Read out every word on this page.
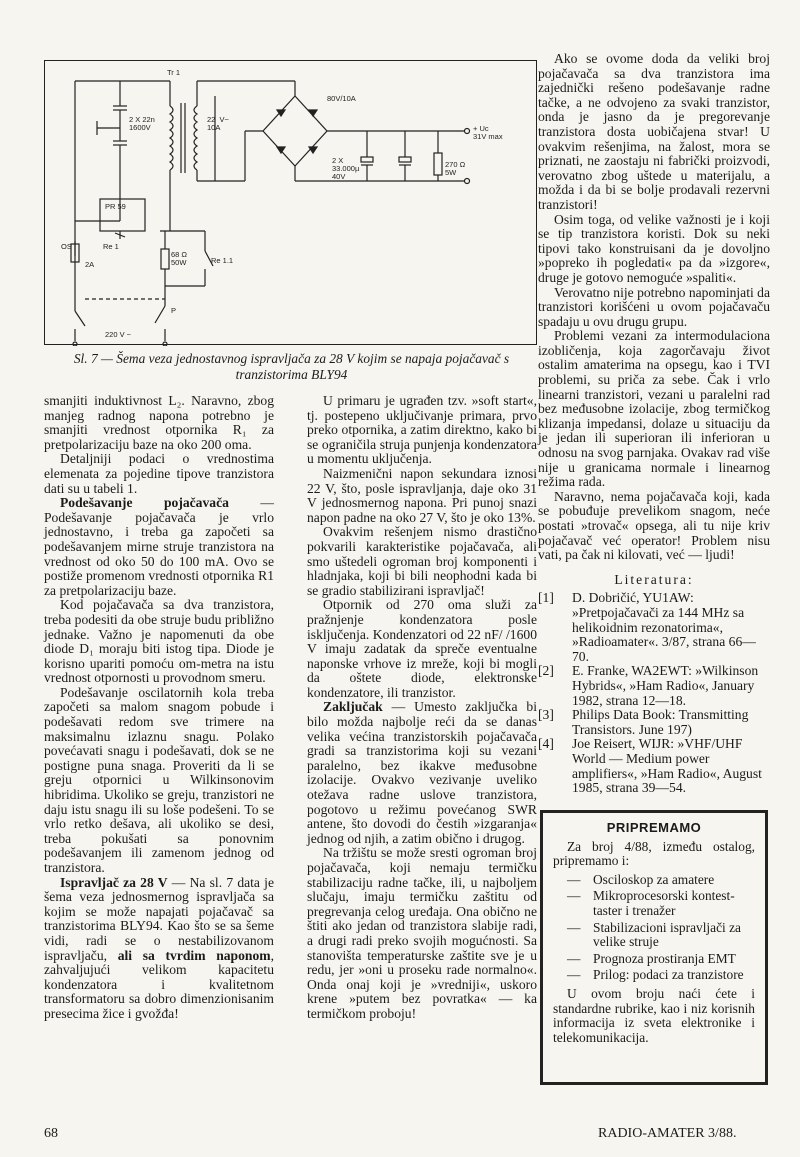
Tr 1
2 X 22n
1600V
22  V~
10A
80V/10A
+ Uc
31V max
2 X
33.000µ
40V
270 Ω
5W
PR 59
Re 1
68 Ω
50W	Re 1.1
OS
2A
P
220 V ~
Sl. 7 — Šema veza jednostavnog ispravljača za 28 V kojim se napaja pojačavač s tranzistorima BLY94

smanjiti induktivnost L₂. Naravno, zbog manjeg radnog napona potrebno je smanjiti vrednost otpornika R₁ za pretpolarizaciju baze na oko 200 oma.

Detaljniji podaci o vrednostima elemenata za pojedine tipove tranzistora dati su u tabeli 1.

Podešavanje pojačavača — Podešavanje pojačavača je vrlo jednostavno, i treba ga započeti sa podešavanjem mirne struje tranzistora na vrednost od oko 50 do 100 mA. Ovo se postiže promenom vrednosti otpornika R1 za pretpolarizaciju baze.

Kod pojačavača sa dva tranzistora, treba podesiti da obe struje budu približno jednake. Važno je napomenuti da obe diode D₁ moraju biti istog tipa. Diode je korisno upariti pomoću om-metra na istu vrednost otpornosti u provodnom smeru.

Podešavanje oscilatornih kola treba započeti sa malom snagom pobude i podešavati redom sve trimere na maksimalnu izlaznu snagu. Polako povećavati snagu i podešavati, dok se ne postigne puna snaga. Proveriti da li se greju otpornici u Wilkinsonovim hibridima. Ukoliko se greju, tranzistori ne daju istu snagu ili su loše podešeni. To se vrlo retko dešava, ali ukoliko se desi, treba pokušati sa ponovnim podešavanjem ili zamenom jednog od tranzistora.

Ispravljač za 28 V — Na sl. 7 data je šema veza jednosmernog ispravljača sa kojim se može napajati pojačavač sa tranzistorima BLY94. Kao što se sa šeme vidi, radi se o nestabilizovanom ispravljaču, ali sa tvrdim naponom, zahvaljujući velikom kapacitetu kondenzatora i kvalitetnom transformatoru sa dobro dimenzionisanim presecima žice i gvožđa!

U primaru je ugrađen tzv. »soft start«, tj. postepeno uključivanje primara, prvo preko otpornika, a zatim direktno, kako bi se ograničila struja punjenja kondenzatora u momentu uključenja.

Naizmenični napon sekundara iznosi 22 V, što, posle ispravljanja, daje oko 31 V jednosmernog napona. Pri punoj snazi napon padne na oko 27 V, što je oko 13%.

Ovakvim rešenjem nismo drastično pokvarili karakteristike pojačavača, ali smo uštedeli ogroman broj komponenti i hladnjaka, koji bi bili neophodni kada bi se gradio stabilizirani ispravljač!

Otpornik od 270 oma služi za pražnjenje kondenzatora posle isključenja. Kondenzatori od 22 nF/ /1600 V imaju zadatak da spreče eventualne naponske vrhove iz mreže, koji bi mogli da oštete diode, elektronske kondenzatore, ili tranzistor.

Zaključak — Umesto zaključka bi bilo možda najbolje reći da se danas velika većina tranzistorskih pojačavača gradi sa tranzistorima koji su vezani paralelno, bez ikakve međusobne izolacije. Ovakvo vezivanje uveliko otežava radne uslove tranzistora, pogotovo u režimu povećanog SWR antene, što dovodi do čestih »izgaranja« jednog od njih, a zatim obično i drugog.

Na tržištu se može sresti ogroman broj pojačavača, koji nemaju termičku stabilizaciju radne tačke, ili, u najboljem slučaju, imaju termičku zaštitu od pregrevanja celog uređaja. Ona obično ne štiti ako jedan od tranzistora slabije radi, a drugi radi preko svojih mogućnosti. Sa stanovišta temperaturske zaštite sve je u redu, jer »oni u proseku rade normalno«. Onda onaj koji je »vredniji«, uskoro krene »putem bez povratka« — ka termičkom proboju!

Ako se ovome doda da veliki broj pojačavača sa dva tranzistora ima zajednički rešeno podešavanje radne tačke, a ne odvojeno za svaki tranzistor, onda je jasno da je pregorevanje tranzistora dosta uobičajena stvar! U ovakvim rešenjima, na žalost, mora se priznati, ne zaostaju ni fabrički proizvodi, verovatno zbog uštede u materijalu, a možda i da bi se bolje prodavali rezervni tranzistori!

Osim toga, od velike važnosti je i koji se tip tranzistora koristi. Dok su neki tipovi tako konstruisani da je dovoljno »popreko ih pogledati« pa da »izgore«, druge je gotovo nemoguće »spaliti«.

Verovatno nije potrebno napominjati da tranzistori korišćeni u ovom pojačavaču spadaju u ovu drugu grupu.

Problemi vezani za intermodulaciona izobličenja, koja zagorčavaju život ostalim amaterima na opsegu, kao i TVI problemi, su priča za sebe. Čak i vrlo linearni tranzistori, vezani u paralelni rad bez međusobne izolacije, zbog termičkog klizanja impedansi, dolaze u situaciju da je jedan ili superioran ili inferioran u odnosu na svog parnjaka. Ovakav rad više nije u granicama normale i linearnog režima rada.

Naravno, nema pojačavača koji, kada se pobuđuje prevelikom snagom, neće postati »trovač« opsega, ali tu nije kriv pojačavač već operator! Problem nisu vati, pa čak ni kilovati, već — ljudi!

Literatura:
[1] D. Dobričić, YU1AW: »Pretpojačavači za 144 MHz sa helikoidnim rezonatorima«, »Radioamater«. 3/87, strana 66—70.
[2] E. Franke, WA2EWT: »Wilkinson Hybrids«, »Ham Radio«, January 1982, strana 12—18.
[3] Philips Data Book: Transmitting Transistors. June 197)
[4] Joe Reisert, WIJR: »VHF/UHF World — Medium power amplifiers«, »Ham Radio«, August 1985, strana 39—54.
PRIPREMAMO

Za broj 4/88, između ostalog, pripremamo i:

— Osciloskop za amatere
— Mikroprocesorski kontest-taster i trenažer
— Stabilizacioni ispravljači za velike struje
— Prognoza prostiranja EMT
— Prilog: podaci za tranzistore

U ovom broju naći ćete i standardne rubrike, kao i niz korisnih informacija iz sveta elektronike i telekomunikacija.

68	RADIO-AMATER 3/88.
